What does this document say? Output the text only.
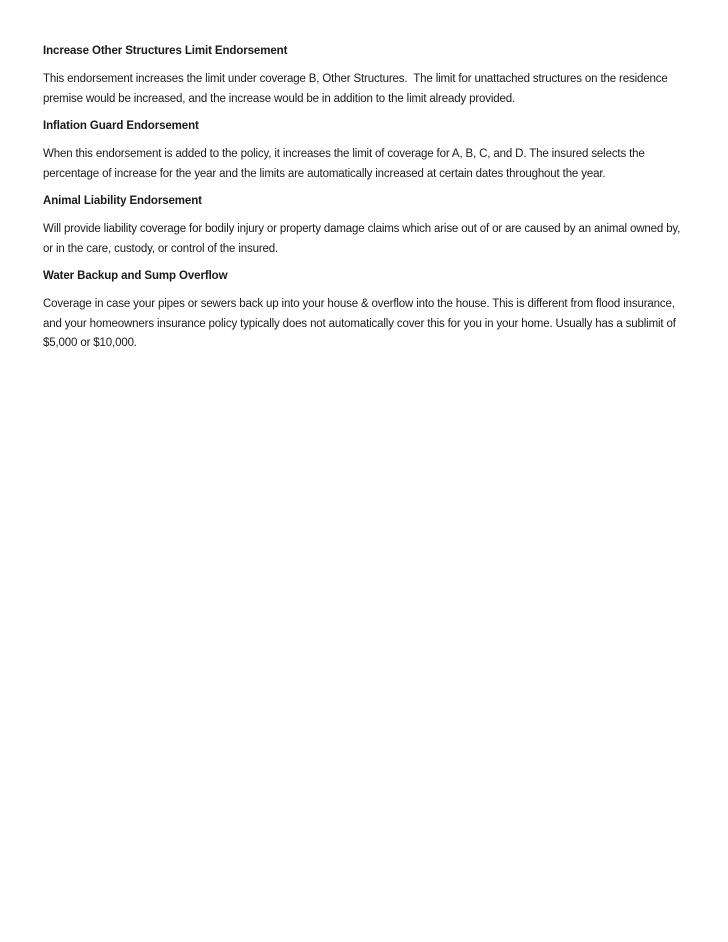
Increase Other Structures Limit Endorsement

This endorsement increases the limit under coverage B, Other Structures.  The limit for unattached structures on the residence premise would be increased, and the increase would be in addition to the limit already provided.

Inflation Guard Endorsement

When this endorsement is added to the policy, it increases the limit of coverage for A, B, C, and D. The insured selects the percentage of increase for the year and the limits are automatically increased at certain dates throughout the year.

Animal Liability Endorsement

Will provide liability coverage for bodily injury or property damage claims which arise out of or are caused by an animal owned by, or in the care, custody, or control of the insured.

Water Backup and Sump Overflow

Coverage in case your pipes or sewers back up into your house & overflow into the house. This is different from flood insurance, and your homeowners insurance policy typically does not automatically cover this for you in your home. Usually has a sublimit of $5,000 or $10,000.
